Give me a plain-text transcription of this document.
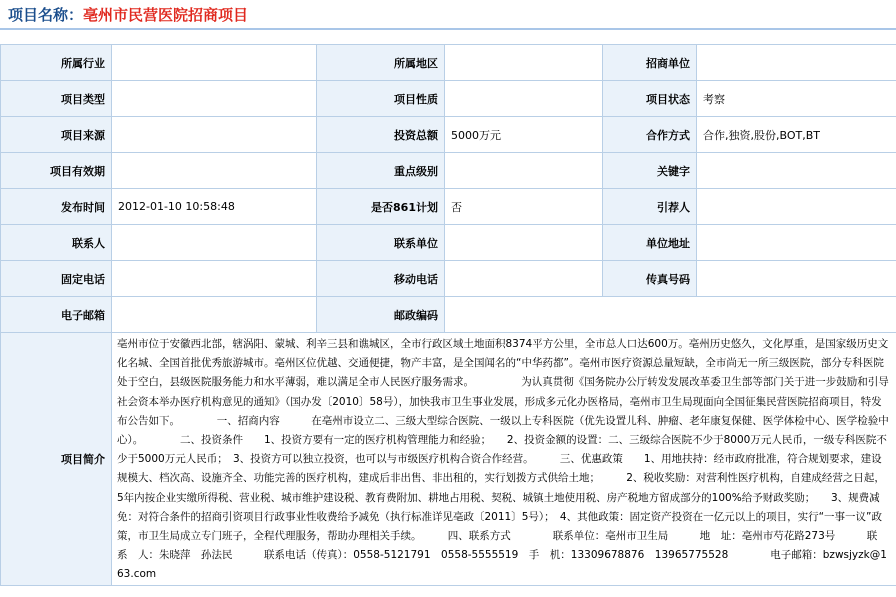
项目名称：亳州市民营医院招商项目
所属行业		所属地区		招商单位	
项目类型		项目性质		项目状态	考察
项目来源		投资总额	5000万元	合作方式	合作,独资,股份,BOT,BT
项目有效期		重点级别		关键字	
发布时间	2012-01-10 10:58:48	是否861计划	否	引荐人	
联系人		联系单位		单位地址	
固定电话		移动电话		传真号码	
电子邮箱		邮政编码			
项目简介	亳州市位于安徽西北部，辖涡阳、蒙城、利辛三县和谯城区，全市行政区域土地面积8374平方公里，全市总人口达600万。亳州历史悠久，文化厚重，是国家级历史文化名城、全国首批优秀旅游城市。亳州区位优越、交通便捷，物产丰富，是全国闻名的“中华药都”。亳州市医疗资源总量短缺，全市尚无一所三级医院，部分专科医院处于空白，县级医院服务能力和水平薄弱，难以满足全市人民医疗服务需求。　　　　　为认真贯彻《国务院办公厅转发发展改革委卫生部等部门关于进一步鼓励和引导社会资本举办医疗机构意见的通知》（国办发〔2010〕58号），加快我市卫生事业发展，形成多元化办医格局，亳州市卫生局现面向全国征集民营医院招商项目，特发布公告如下。　　　　一、招商内容　　　在亳州市设立二、三级大型综合医院、一级以上专科医院（优先设置儿科、肿瘤、老年康复保健、医学体检中心、医学检验中心）。　　　　二、投资条件　　1、投资方要有一定的医疗机构管理能力和经验；　　2、投资金额的设置：二、三级综合医院不少于8000万元人民币，一级专科医院不少于5000万元人民币；　3、投资方可以独立投资，也可以与市级医疗机构合资合作经营。　　　三、优惠政策　　1、用地扶持：经市政府批准，符合规划要求，建设规模大、档次高、设施齐全、功能完善的医疗机构，建成后非出售、非出租的，实行划拨方式供给土地；　　　2、税收奖励：对营利性医疗机构，自建成经营之日起，5年内按企业实缴所得税、营业税、城市维护建设税、教育费附加、耕地占用税、契税、城镇土地使用税、房产税地方留成部分的100%给予财政奖励；　　3、规费减免：对符合条件的招商引资项目行政事业性收费给予减免（执行标准详见亳政〔2011〕5号）；　4、其他政策：固定资产投资在一亿元以上的项目，实行“一事一议”政策，市卫生局成立专门班子，全程代理服务，帮助办理相关手续。　　　四、联系方式　　　　联系单位：亳州市卫生局　　　地　址：亳州市芍花路273号　　　联　系　人：朱晓萍　孙法民　　　联系电话（传真）：0558-5121791　0558-5555519　手　机：13309678876　13965775528　　　　电子邮箱：bzwsjyzk@163.com				
